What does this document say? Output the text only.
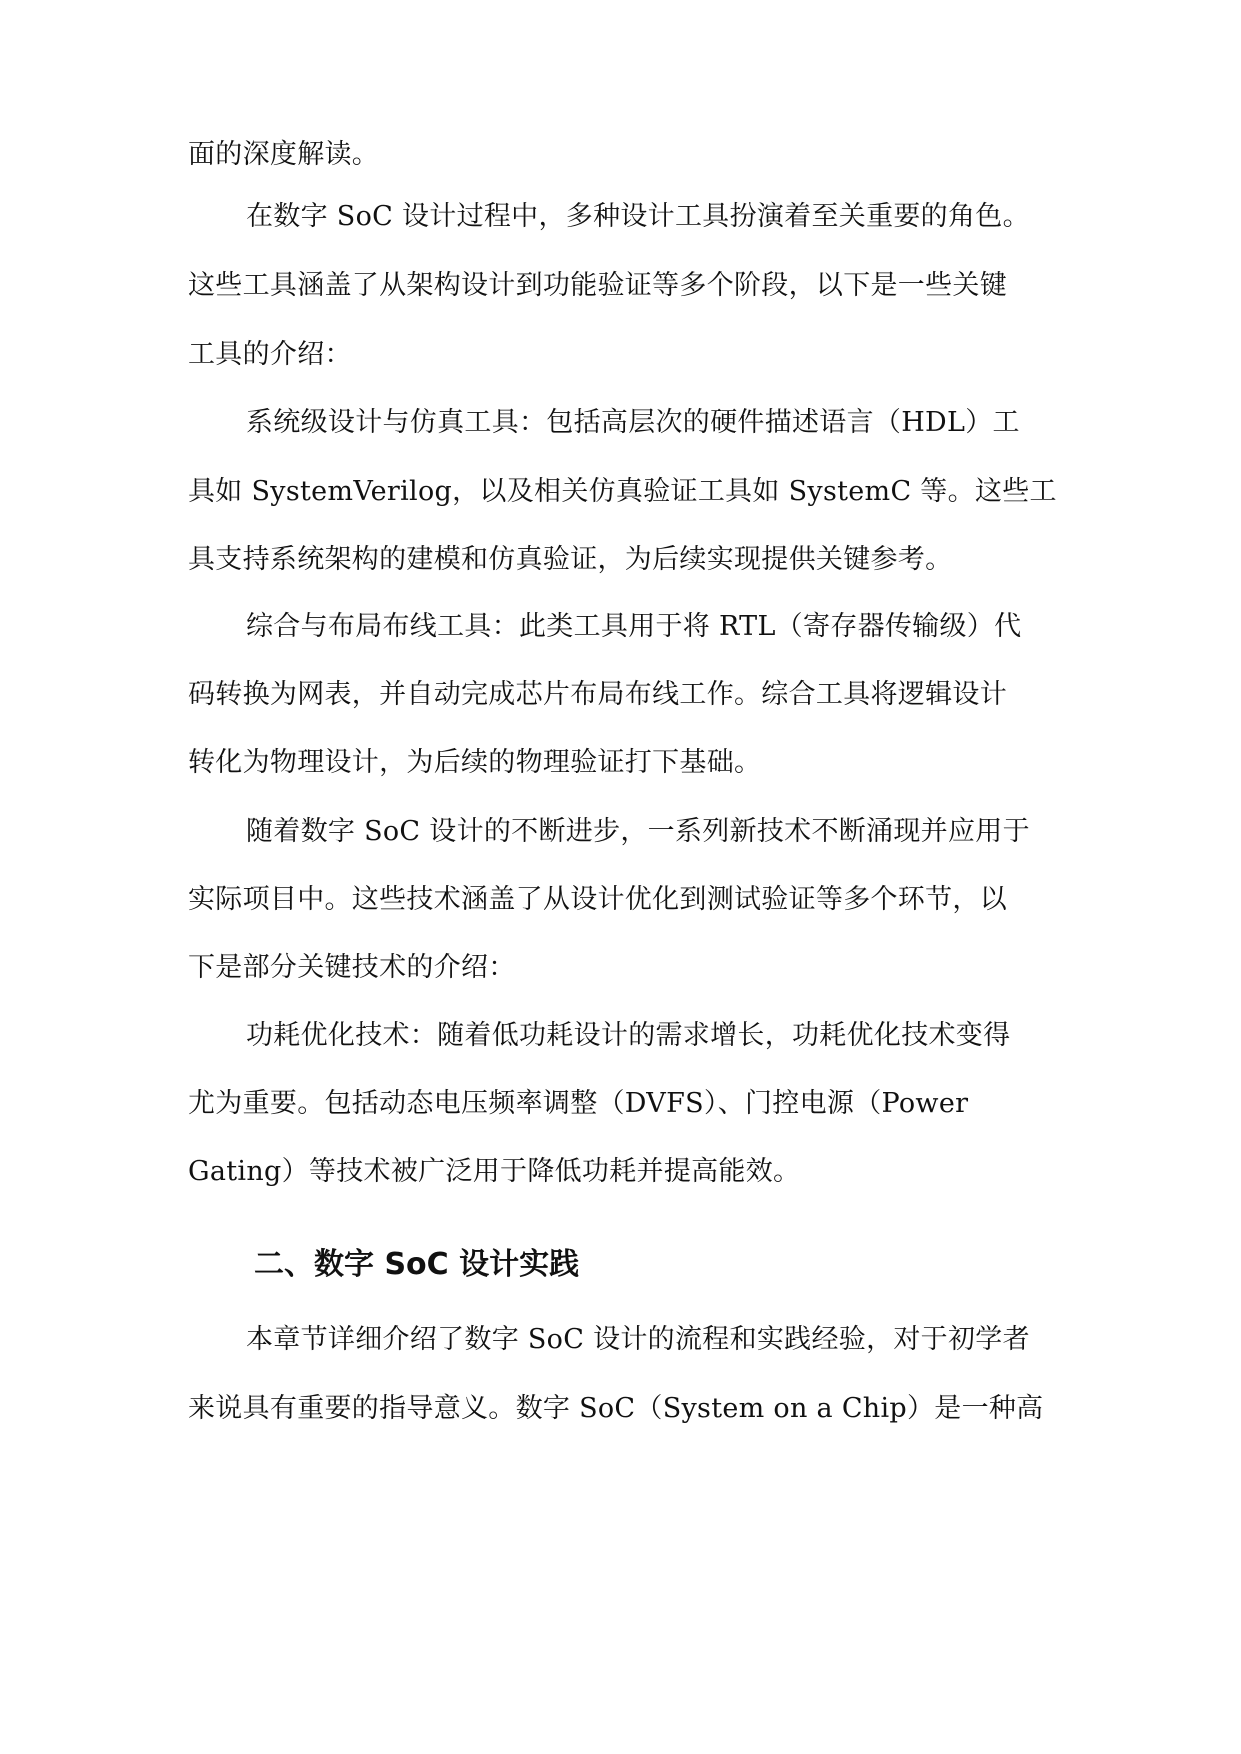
面的深度解读。

在数字 SoC 设计过程中，多种设计工具扮演着至关重要的角色。

这些工具涵盖了从架构设计到功能验证等多个阶段，以下是一些关键

工具的介绍：

系统级设计与仿真工具：包括高层次的硬件描述语言（HDL）工

具如 SystemVerilog，以及相关仿真验证工具如 SystemC 等。这些工

具支持系统架构的建模和仿真验证，为后续实现提供关键参考。

综合与布局布线工具：此类工具用于将 RTL（寄存器传输级）代

码转换为网表，并自动完成芯片布局布线工作。综合工具将逻辑设计

转化为物理设计，为后续的物理验证打下基础。

随着数字 SoC 设计的不断进步，一系列新技术不断涌现并应用于

实际项目中。这些技术涵盖了从设计优化到测试验证等多个环节，以

下是部分关键技术的介绍：

功耗优化技术：随着低功耗设计的需求增长，功耗优化技术变得

尤为重要。包括动态电压频率调整（DVFS）、门控电源（Power

Gating）等技术被广泛用于降低功耗并提高能效。

二、数字 SoC 设计实践

本章节详细介绍了数字 SoC 设计的流程和实践经验，对于初学者

来说具有重要的指导意义。数字 SoC（System on a Chip）是一种高
